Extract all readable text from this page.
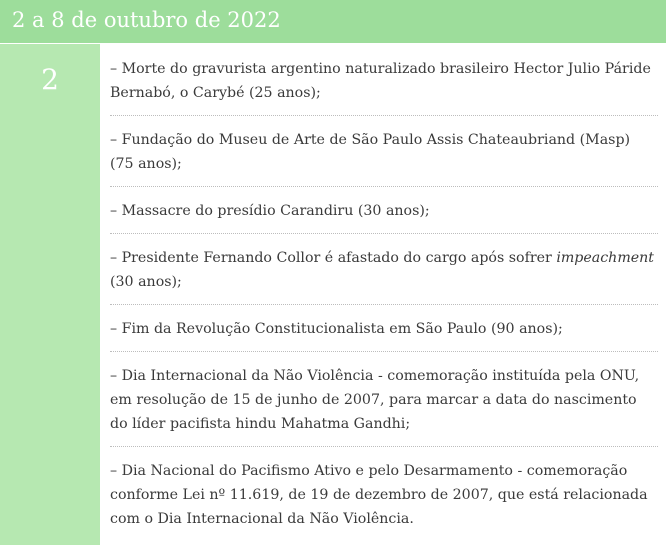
2 a 8 de outubro de 2022
2	– Morte do gravurista argentino naturalizado brasileiro Hector Julio Páride Bernabó, o Carybé (25 anos);
– Fundação do Museu de Arte de São Paulo Assis Chateaubriand (Masp) (75 anos);
– Massacre do presídio Carandiru (30 anos);
– Presidente Fernando Collor é afastado do cargo após sofrer impeachment (30 anos);
– Fim da Revolução Constitucionalista em São Paulo (90 anos);
– Dia Internacional da Não Violência - comemoração instituída pela ONU, em resolução de 15 de junho de 2007, para marcar a data do nascimento do líder pacifista hindu Mahatma Gandhi;
– Dia Nacional do Pacifismo Ativo e pelo Desarmamento - comemoração conforme Lei nº 11.619, de 19 de dezembro de 2007, que está relacionada com o Dia Internacional da Não Violência.
